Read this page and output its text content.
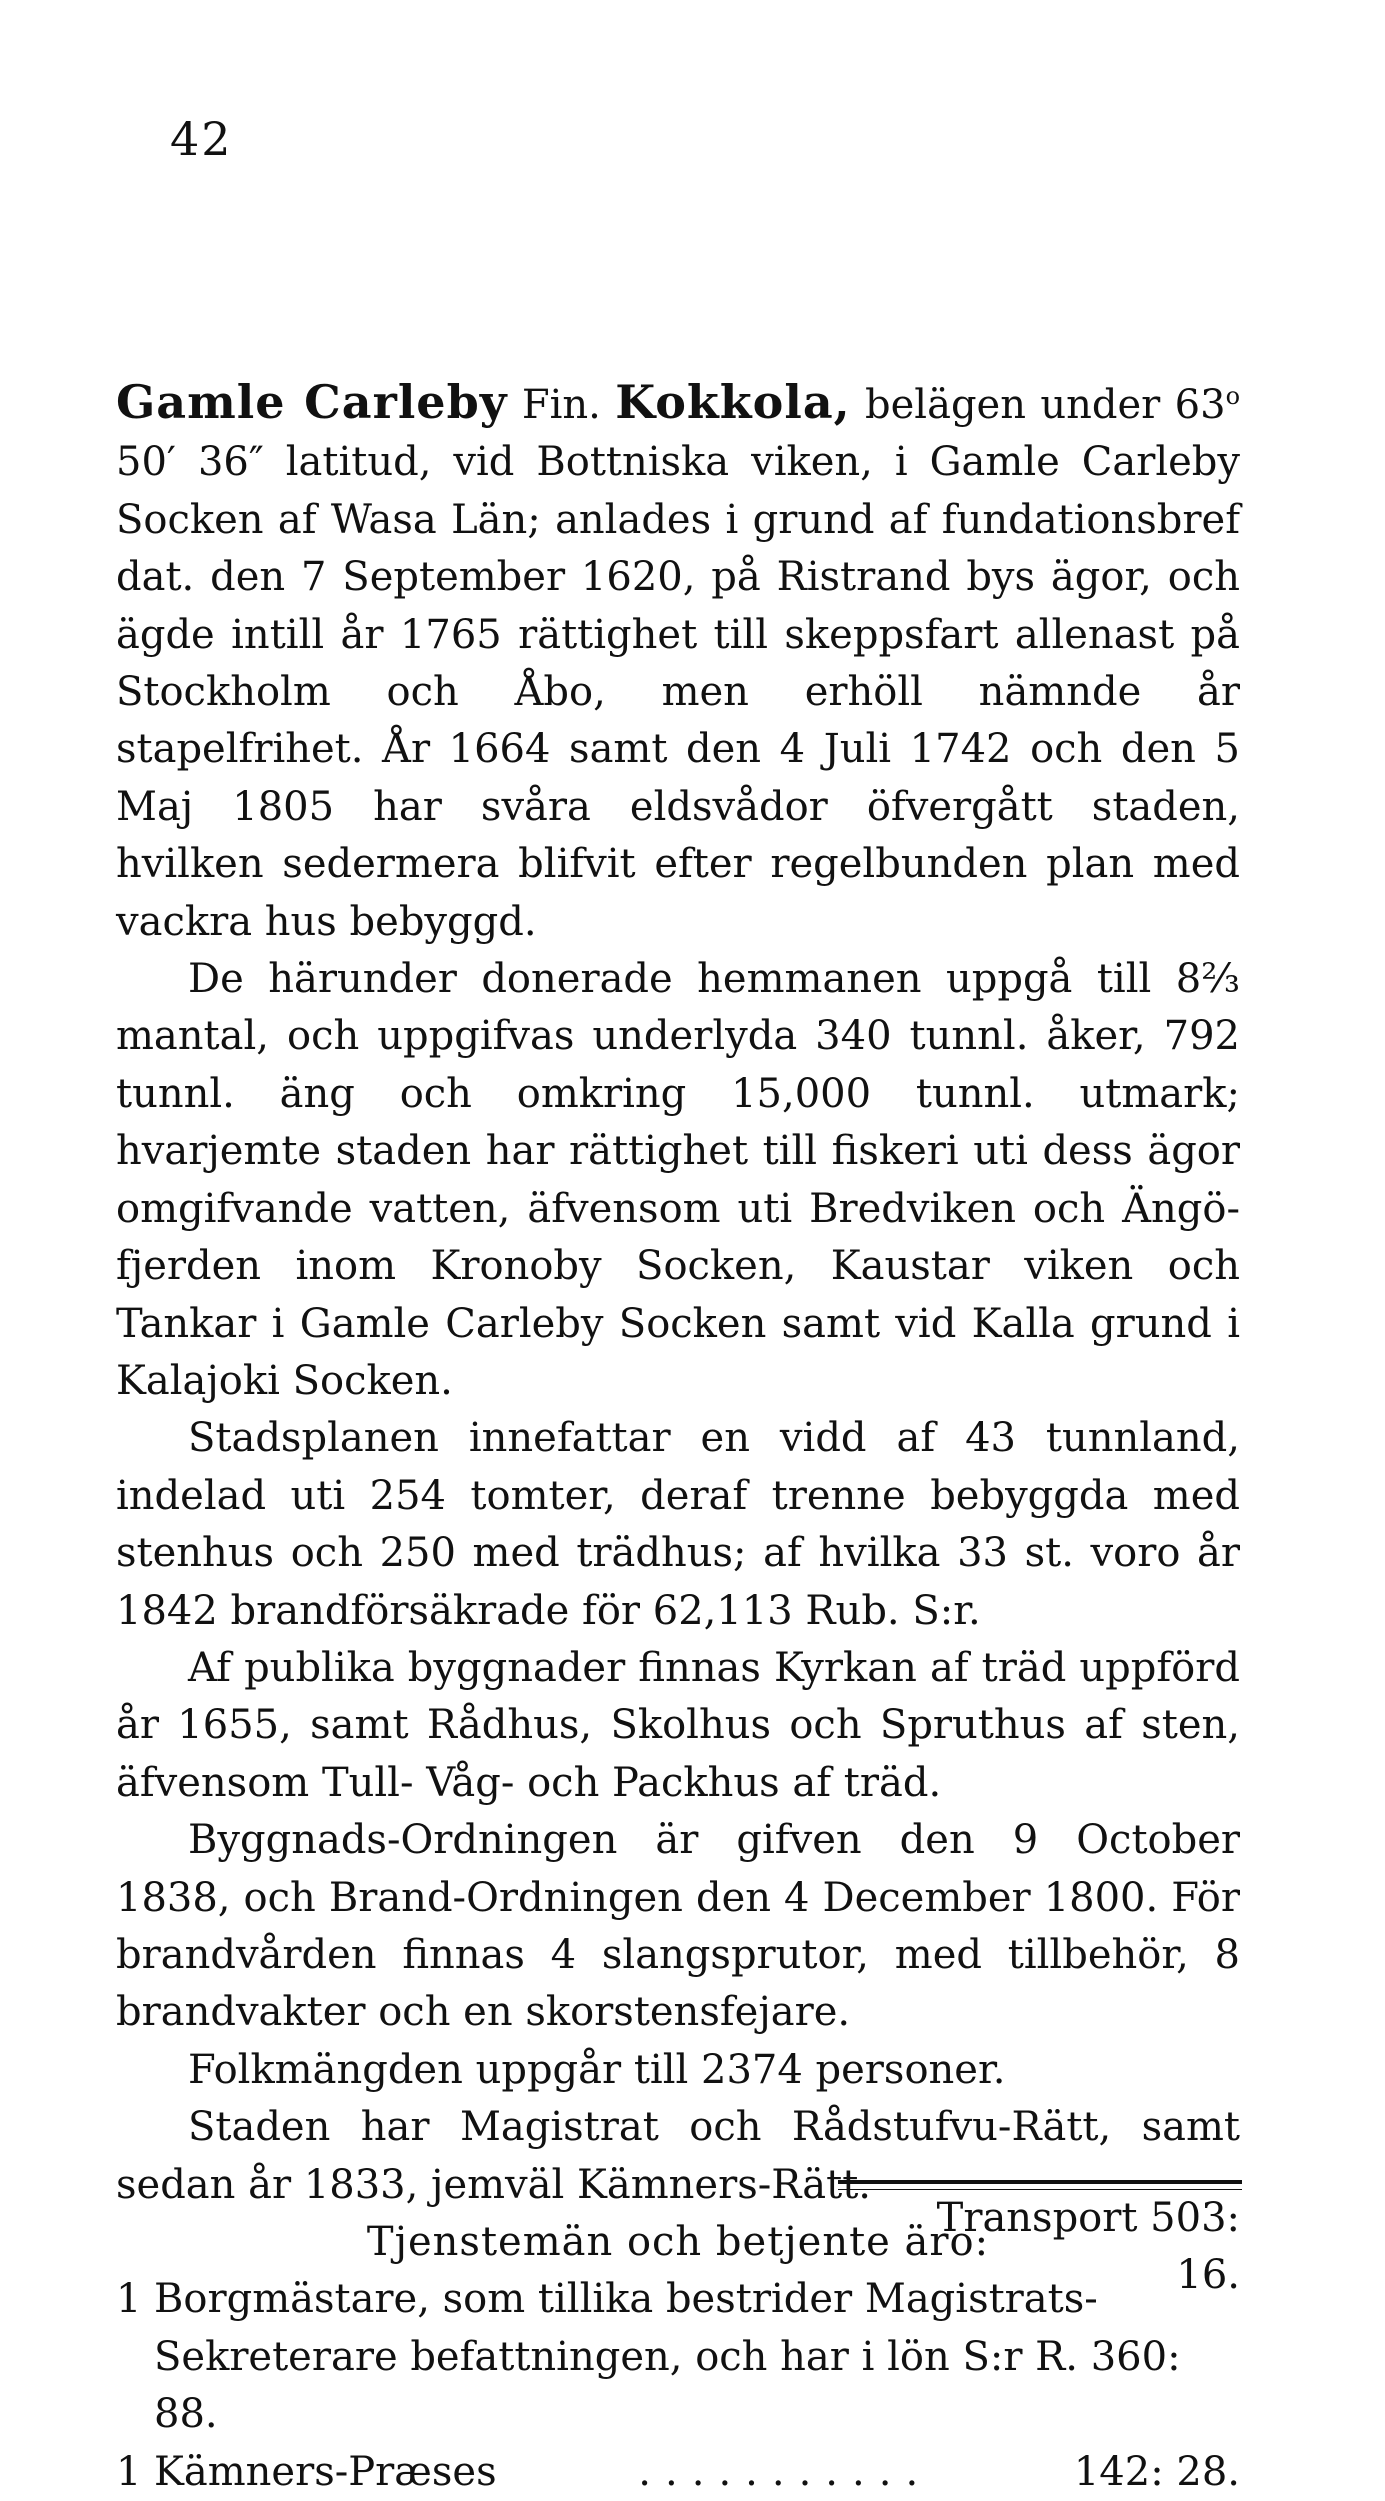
42

Gamle Carleby Fin. Kokkola, belägen under 63$^o$ 50′ 36″ latitud, vid Bottniska viken, i Gamle Carleby Socken af Wasa Län; anlades i grund af fundationsbref dat. den 7 September 1620, på Ristrand bys ägor, och ägde intill år 1765 rättighet till skeppsfart allenast på Stockholm och Åbo, men erhöll nämnde år stapelfrihet. År 1664 samt den 4 Juli 1742 och den 5 Maj 1805 har svåra eldsvådor öfvergått staden, hvilken sedermera blifvit efter regelbunden plan med vackra hus bebyggd.

De härunder donerade hemmanen uppgå till 8⅔ mantal, och uppgifvas underlyda 340 tunnl. åker, 792 tunnl. äng och omkring 15,000 tunnl. utmark; hvarjemte staden har rättighet till fiskeri uti dess ägor omgifvande vatten, äfvensom uti Bredviken och Ängö-fjerden inom Kronoby Socken, Kaustar viken och Tankar i Gamle Carleby Socken samt vid Kalla grund i Kalajoki Socken.

Stadsplanen innefattar en vidd af 43 tunnland, indelad uti 254 tomter, deraf trenne bebyggda med stenhus och 250 med trädhus; af hvilka 33 st. voro år 1842 brandförsäkrade för 62,113 Rub. S:r.

Af publika byggnader finnas Kyrkan af träd uppförd år 1655, samt Rådhus, Skolhus och Spruthus af sten, äfvensom Tull- Våg- och Packhus af träd.

Byggnads-Ordningen är gifven den 9 October 1838, och Brand-Ordningen den 4 December 1800. För brandvården finnas 4 slangsprutor, med tillbehör, 8 brandvakter och en skorstensfejare.

Folkmängden uppgår till 2374 personer.

Staden har Magistrat och Rådstufvu-Rätt, samt sedan år 1833, jemväl Kämners-Rätt.

Tjenstemän och betjente äro:

1 Borgmästare, som tillika bestrider Magistrats-
Sekreterare befattningen, och har i lön S:r R. 360: 88.
1 Kämners-Præses	...........	142: 28.
Transport 503: 16.
